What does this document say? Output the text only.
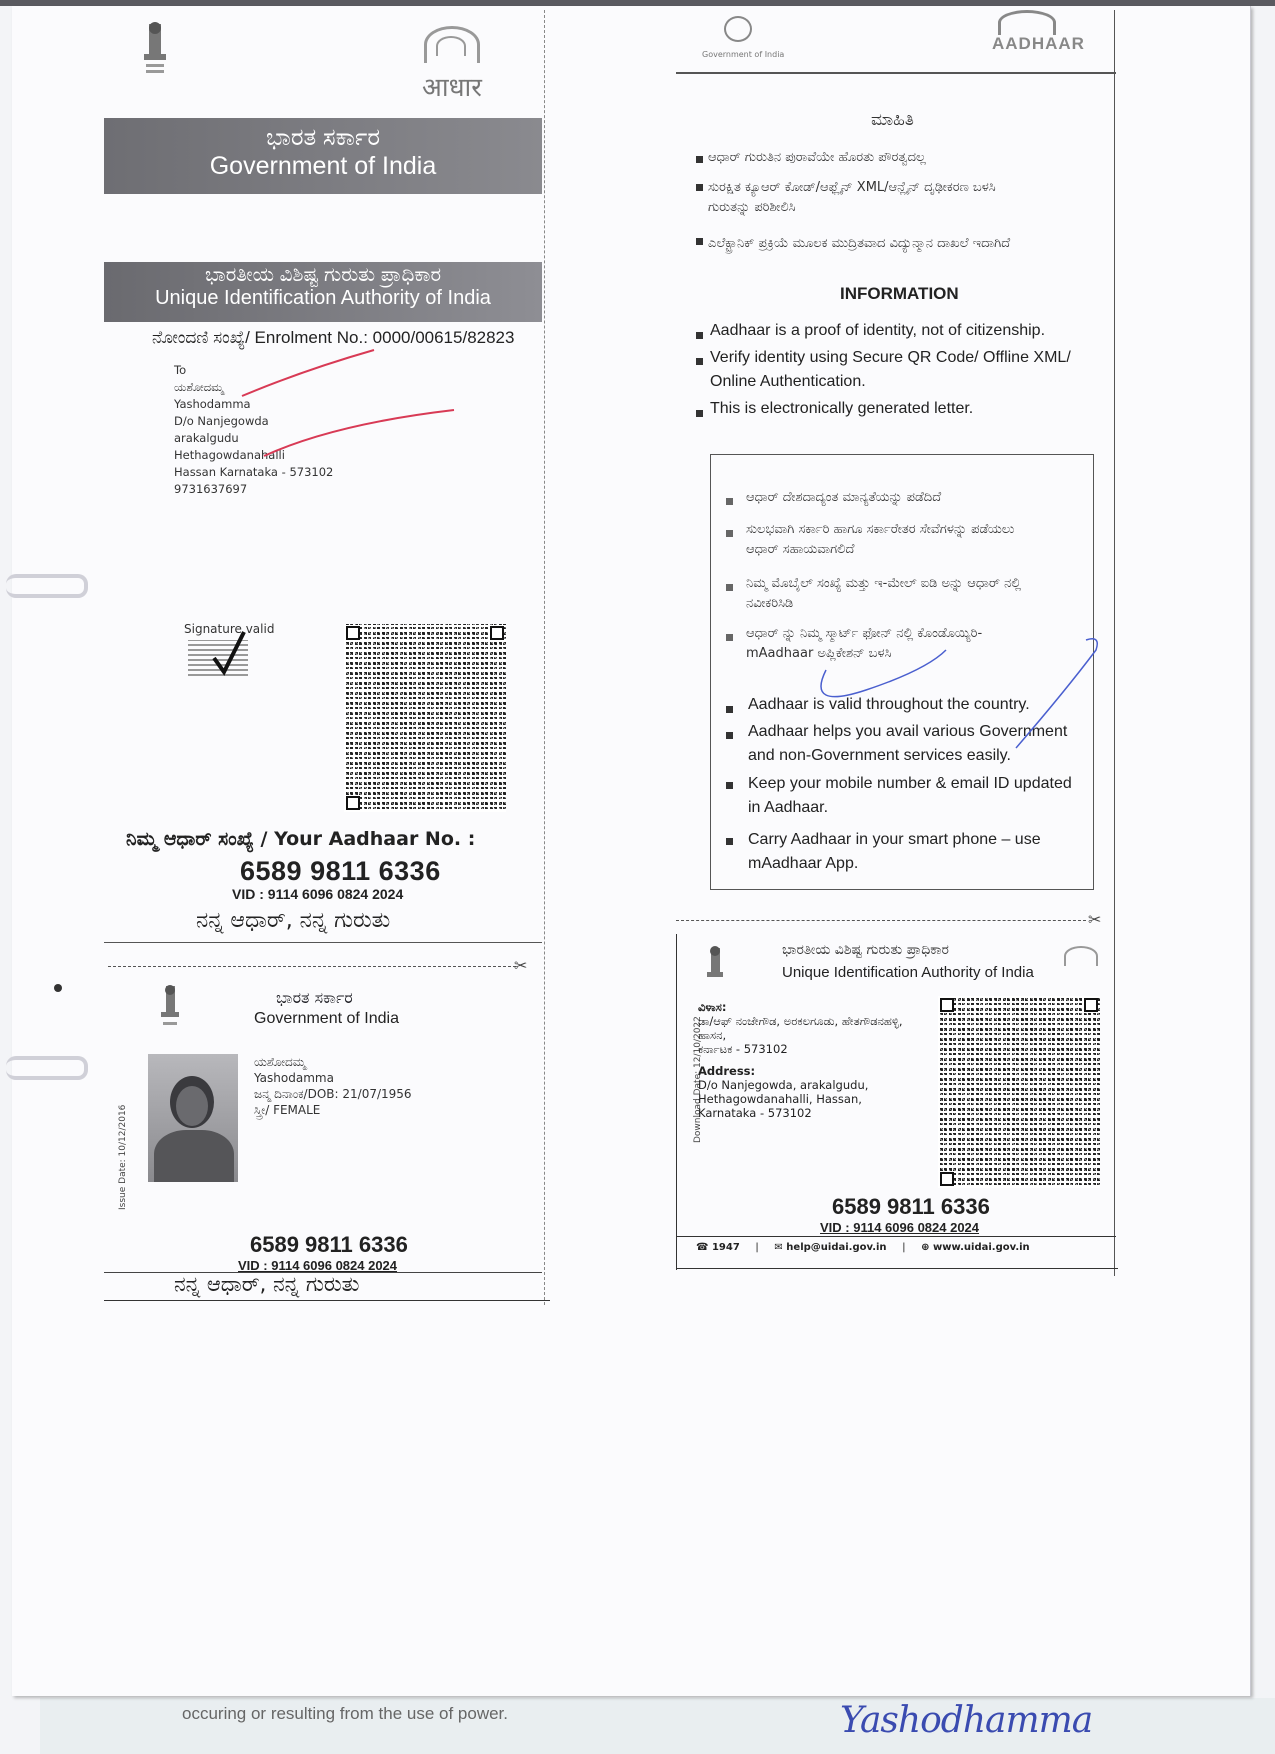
occuring or resulting from the use of power.	Yashodhamma
आधार
ಭಾರತ ಸರ್ಕಾರ
Government of India
ಭಾರತೀಯ ವಿಶಿಷ್ಟ ಗುರುತು ಪ್ರಾಧಿಕಾರ
Unique Identification Authority of India
ನೋಂದಣಿ ಸಂಖ್ಯೆ/ Enrolment No.: 0000/00615/82823
To
ಯಶೋದಮ್ಮ
Yashodamma
D/o Nanjegowda
arakalgudu
Hethagowdanahalli
Hassan Karnataka - 573102
9731637697
Signature valid
ನಿಮ್ಮ ಆಧಾರ್ ಸಂಖ್ಯೆ / Your Aadhaar No. :
6589 9811 6336
VID : 9114 6096 0824 2024
ನನ್ನ ಆಧಾರ್, ನನ್ನ ಗುರುತು
✂
ಭಾರತ ಸರ್ಕಾರ
Government of India
Issue Date: 10/12/2016
ಯಶೋದಮ್ಮ
Yashodamma
ಜನ್ಮ ದಿನಾಂಕ/DOB: 21/07/1956
ಸ್ತ್ರೀ/ FEMALE
6589 9811 6336
VID : 9114 6096 0824 2024
ನನ್ನ ಆಧಾರ್, ನನ್ನ ಗುರುತು
Government of India
AADHAAR
ಮಾಹಿತಿ
ಆಧಾರ್ ಗುರುತಿನ ಪುರಾವೆಯೇ ಹೊರತು ಪೌರತ್ವದಲ್ಲ
ಸುರಕ್ಷಿತ ಕ್ಯೂಆರ್ ಕೋಡ್/ಆಫ್ಲೈನ್ XML/ಆನ್ಲೈನ್ ದೃಢೀಕರಣ ಬಳಸಿ ಗುರುತನ್ನು ಪರಿಶೀಲಿಸಿ
ಎಲೆಕ್ಟ್ರಾನಿಕ್ ಪ್ರಕ್ರಿಯೆ ಮೂಲಕ ಮುದ್ರಿತವಾದ ವಿದ್ಯುನ್ಮಾನ ದಾಖಲೆ ಇದಾಗಿದೆ
INFORMATION
Aadhaar is a proof of identity, not of citizenship.
Verify identity using Secure QR Code/ Offline XML/ Online Authentication.
This is electronically generated letter.
ಆಧಾರ್ ದೇಶದಾದ್ಯಂತ ಮಾನ್ಯತೆಯನ್ನು ಪಡೆದಿದೆ
ಸುಲಭವಾಗಿ ಸರ್ಕಾರಿ ಹಾಗೂ ಸರ್ಕಾರೇತರ ಸೇವೆಗಳನ್ನು ಪಡೆಯಲು ಆಧಾರ್ ಸಹಾಯವಾಗಲಿದೆ
ನಿಮ್ಮ ಮೊಬೈಲ್ ಸಂಖ್ಯೆ ಮತ್ತು ಇ-ಮೇಲ್ ಐಡಿ ಅನ್ನು ಆಧಾರ್ ನಲ್ಲಿ ನವೀಕರಿಸಿಡಿ
ಆಧಾರ್ ನ್ನು ನಿಮ್ಮ ಸ್ಮಾರ್ಟ್ ಫೋನ್ ನಲ್ಲಿ ಕೊಂಡೊಯ್ಯಿರಿ- mAadhaar ಅಪ್ಲಿಕೇಶನ್ ಬಳಸಿ
Aadhaar is valid throughout the country.
Aadhaar helps you avail various Government and non-Government services easily.
Keep your mobile number & email ID updated in Aadhaar.
Carry Aadhaar in your smart phone – use mAadhaar App.
✂
ಭಾರತೀಯ ವಿಶಿಷ್ಟ ಗುರುತು ಪ್ರಾಧಿಕಾರ
Unique Identification Authority of India
Download Date: 12/10/2022
ವಿಳಾಸ:
ಡಾ/ಆಫ್ ನಂಜೇಗೌಡ, ಅರಕಲಗೂಡು, ಹೇತಗೌಡನಹಳ್ಳಿ,
ಹಾಸನ,
ಕರ್ನಾಟಕ - 573102
Address:
D/o Nanjegowda, arakalgudu,
Hethagowdanahalli, Hassan,
Karnataka - 573102
6589 9811 6336
VID : 9114 6096 0824 2024
☎ 1947 | ✉ help@uidai.gov.in | ⊕ www.uidai.gov.in
